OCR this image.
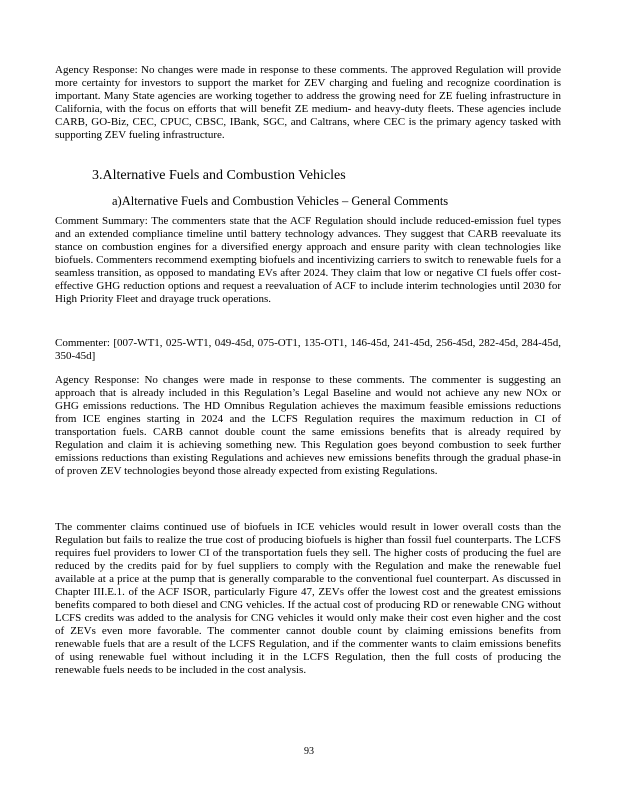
Agency Response: No changes were made in response to these comments. The approved Regulation will provide more certainty for investors to support the market for ZEV charging and fueling and recognize coordination is important. Many State agencies are working together to address the growing need for ZE fueling infrastructure in California, with the focus on efforts that will benefit ZE medium- and heavy-duty fleets. These agencies include CARB, GO-Biz, CEC, CPUC, CBSC, IBank, SGC, and Caltrans, where CEC is the primary agency tasked with supporting ZEV fueling infrastructure.

3.Alternative Fuels and Combustion Vehicles
a)Alternative Fuels and Combustion Vehicles – General Comments

Comment Summary: The commenters state that the ACF Regulation should include reduced-emission fuel types and an extended compliance timeline until battery technology advances. They suggest that CARB reevaluate its stance on combustion engines for a diversified energy approach and ensure parity with clean technologies like biofuels. Commenters recommend exempting biofuels and incentivizing carriers to switch to renewable fuels for a seamless transition, as opposed to mandating EVs after 2024. They claim that low or negative CI fuels offer cost-effective GHG reduction options and request a reevaluation of ACF to include interim technologies until 2030 for High Priority Fleet and drayage truck operations.

Commenter: [007-WT1, 025-WT1, 049-45d, 075-OT1, 135-OT1, 146-45d, 241-45d, 256-45d, 282-45d, 284-45d, 350-45d]

Agency Response: No changes were made in response to these comments. The commenter is suggesting an approach that is already included in this Regulation’s Legal Baseline and would not achieve any new NOx or GHG emissions reductions. The HD Omnibus Regulation achieves the maximum feasible emissions reductions from ICE engines starting in 2024 and the LCFS Regulation requires the maximum reduction in CI of transportation fuels. CARB cannot double count the same emissions benefits that is already required by Regulation and claim it is achieving something new. This Regulation goes beyond combustion to seek further emissions reductions than existing Regulations and achieves new emissions benefits through the gradual phase-in of proven ZEV technologies beyond those already expected from existing Regulations.

The commenter claims continued use of biofuels in ICE vehicles would result in lower overall costs than the Regulation but fails to realize the true cost of producing biofuels is higher than fossil fuel counterparts. The LCFS requires fuel providers to lower CI of the transportation fuels they sell. The higher costs of producing the fuel are reduced by the credits paid for by fuel suppliers to comply with the Regulation and make the renewable fuel available at a price at the pump that is generally comparable to the conventional fuel counterpart. As discussed in Chapter III.E.1. of the ACF ISOR, particularly Figure 47, ZEVs offer the lowest cost and the greatest emissions benefits compared to both diesel and CNG vehicles. If the actual cost of producing RD or renewable CNG without LCFS credits was added to the analysis for CNG vehicles it would only make their cost even higher and the cost of ZEVs even more favorable. The commenter cannot double count by claiming emissions benefits from renewable fuels that are a result of the LCFS Regulation, and if the commenter wants to claim emissions benefits of using renewable fuel without including it in the LCFS Regulation, then the full costs of producing the renewable fuels needs to be included in the cost analysis.

93
